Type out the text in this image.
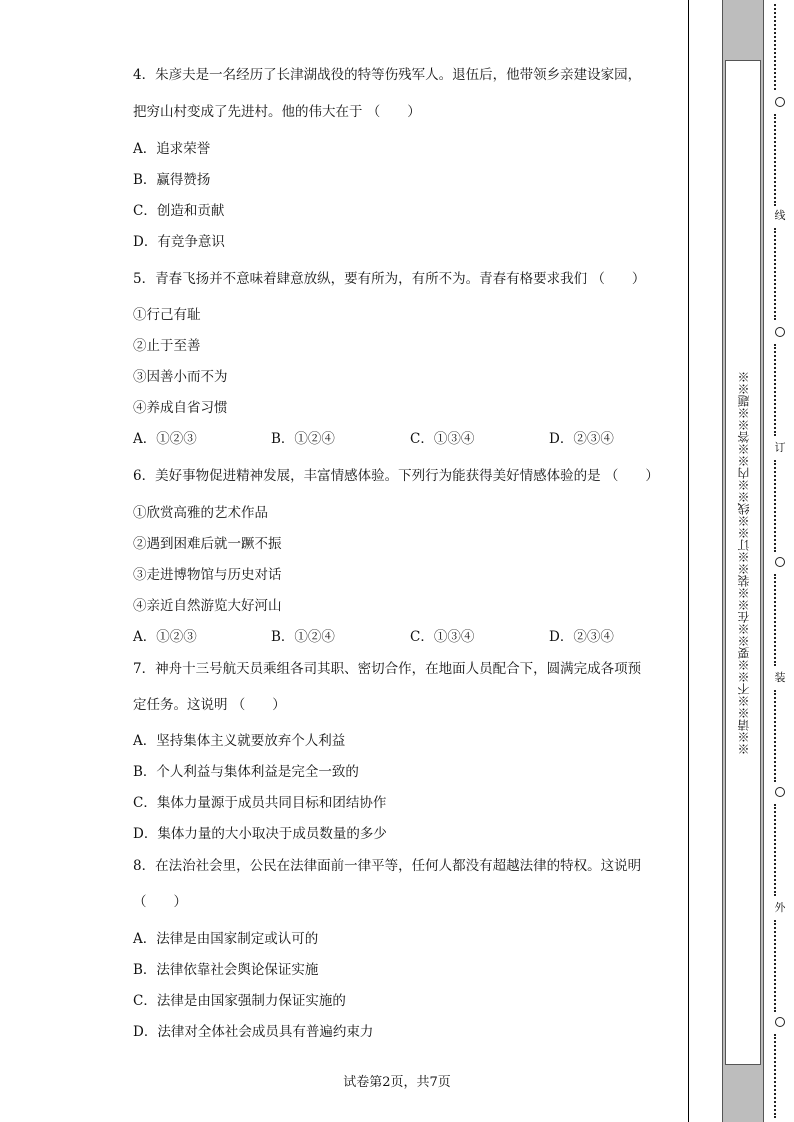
4．朱彦夫是一名经历了长津湖战役的特等伤残军人。退伍后，他带领乡亲建设家园，
把穷山村变成了先进村。他的伟大在于 （　　）
A．追求荣誉
B．赢得赞扬
C．创造和贡献
D．有竞争意识
5．青春飞扬并不意味着肆意放纵，要有所为，有所不为。青春有格要求我们 （　　）
①行己有耻
②止于至善
③因善小而不为
④养成自省习惯
A．①②③	B．①②④	C．①③④	D．②③④
6．美好事物促进精神发展，丰富情感体验。下列行为能获得美好情感体验的是 （　　）
①欣赏高雅的艺术作品
②遇到困难后就一蹶不振
③走进博物馆与历史对话
④亲近自然游览大好河山
A．①②③	B．①②④	C．①③④	D．②③④
7．神舟十三号航天员乘组各司其职、密切合作，在地面人员配合下，圆满完成各项预
定任务。这说明 （　　）
A．坚持集体主义就要放弃个人利益
B．个人利益与集体利益是完全一致的
C．集体力量源于成员共同目标和团结协作
D．集体力量的大小取决于成员数量的多少
8．在法治社会里，公民在法律面前一律平等，任何人都没有超越法律的特权。这说明
（　　）
A．法律是由国家制定或认可的
B．法律依靠社会舆论保证实施
C．法律是由国家强制力保证实施的
D．法律对全体社会成员具有普遍约束力
试卷第2页，共7页
※※请※※不※※要※※在※※装※※订※※线※※内※※答※※题※※
线
订
装
外
